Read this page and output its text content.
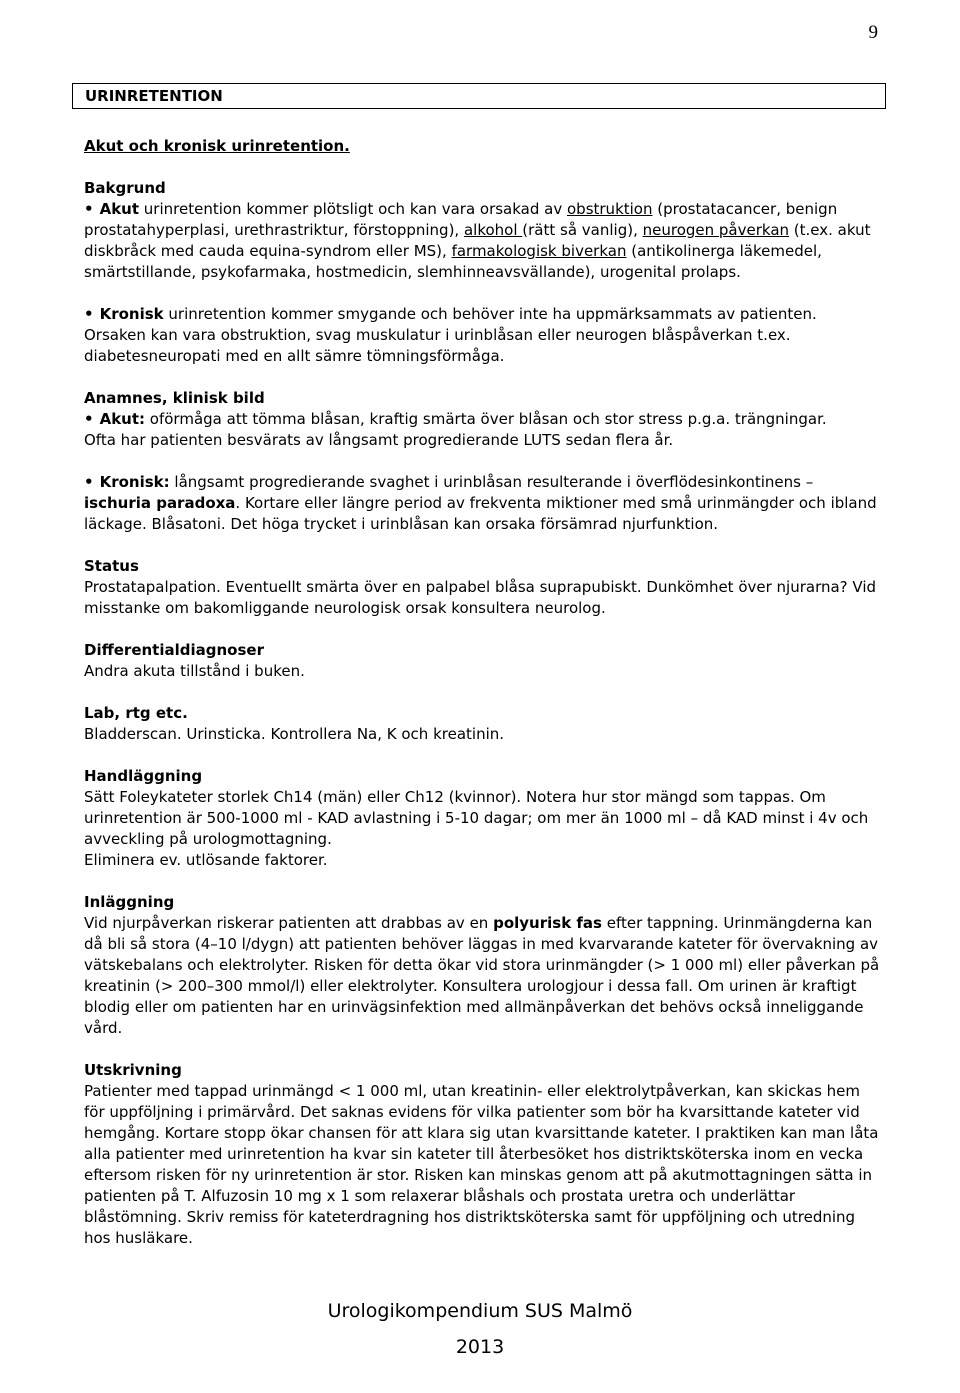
9
URINRETENTION

Akut och kronisk urinretention.

Bakgrund

• Akut urinretention kommer plötsligt och kan vara orsakad av obstruktion (prostatacancer, benign prostatahyperplasi, urethrastriktur, förstoppning), alkohol (rätt så vanlig), neurogen påverkan (t.ex. akut diskbråck med cauda equina-syndrom eller MS), farmakologisk biverkan (antikolinerga läkemedel, smärtstillande, psykofarmaka, hostmedicin, slemhinneavsvällande), urogenital prolaps.

• Kronisk urinretention kommer smygande och behöver inte ha uppmärksammats av patienten.

Orsaken kan vara obstruktion, svag muskulatur i urinblåsan eller neurogen blåspåverkan t.ex. diabetesneuropati med en allt sämre tömningsförmåga.

Anamnes, klinisk bild

• Akut: oförmåga att tömma blåsan, kraftig smärta över blåsan och stor stress p.g.a. trängningar.

Ofta har patienten besvärats av långsamt progredierande LUTS sedan flera år.

• Kronisk: långsamt progredierande svaghet i urinblåsan resulterande i överflödesinkontinens – ischuria paradoxa. Kortare eller längre period av frekventa miktioner med små urinmängder och ibland läckage. Blåsatoni. Det höga trycket i urinblåsan kan orsaka försämrad njurfunktion.

Status

Prostatapalpation. Eventuellt smärta över en palpabel blåsa suprapubiskt. Dunkömhet över njurarna? Vid misstanke om bakomliggande neurologisk orsak konsultera neurolog.

Differentialdiagnoser

Andra akuta tillstånd i buken.

Lab, rtg etc.

Bladderscan. Urinsticka. Kontrollera Na, K och kreatinin.

Handläggning

Sätt Foleykateter storlek Ch14 (män) eller Ch12 (kvinnor). Notera hur stor mängd som tappas. Om urinretention är 500-1000 ml - KAD avlastning i 5-10 dagar; om mer än 1000 ml – då KAD minst i 4v och avveckling på urologmottagning.

Eliminera ev. utlösande faktorer.

Inläggning

Vid njurpåverkan riskerar patienten att drabbas av en polyurisk fas efter tappning. Urinmängderna kan då bli så stora (4–10 l/dygn) att patienten behöver läggas in med kvarvarande kateter för övervakning av vätskebalans och elektrolyter. Risken för detta ökar vid stora urinmängder (> 1 000 ml) eller påverkan på kreatinin (> 200–300 mmol/l) eller elektrolyter. Konsultera urologjour i dessa fall. Om urinen är kraftigt blodig eller om patienten har en urinvägsinfektion med allmänpåverkan det behövs också inneliggande vård.

Utskrivning

Patienter med tappad urinmängd < 1 000 ml, utan kreatinin- eller elektrolytpåverkan, kan skickas hem för uppföljning i primärvård. Det saknas evidens för vilka patienter som bör ha kvarsittande kateter vid hemgång. Kortare stopp ökar chansen för att klara sig utan kvarsittande kateter. I praktiken kan man låta alla patienter med urinretention ha kvar sin kateter till återbesöket hos distriktsköterska inom en vecka eftersom risken för ny urinretention är stor. Risken kan minskas genom att på akutmottagningen sätta in patienten på T. Alfuzosin 10 mg x 1 som relaxerar blåshals och prostata uretra och underlättar blåstömning. Skriv remiss för kateterdragning hos distriktsköterska samt för uppföljning och utredning hos husläkare.

Urologikompendium SUS Malmö
2013
